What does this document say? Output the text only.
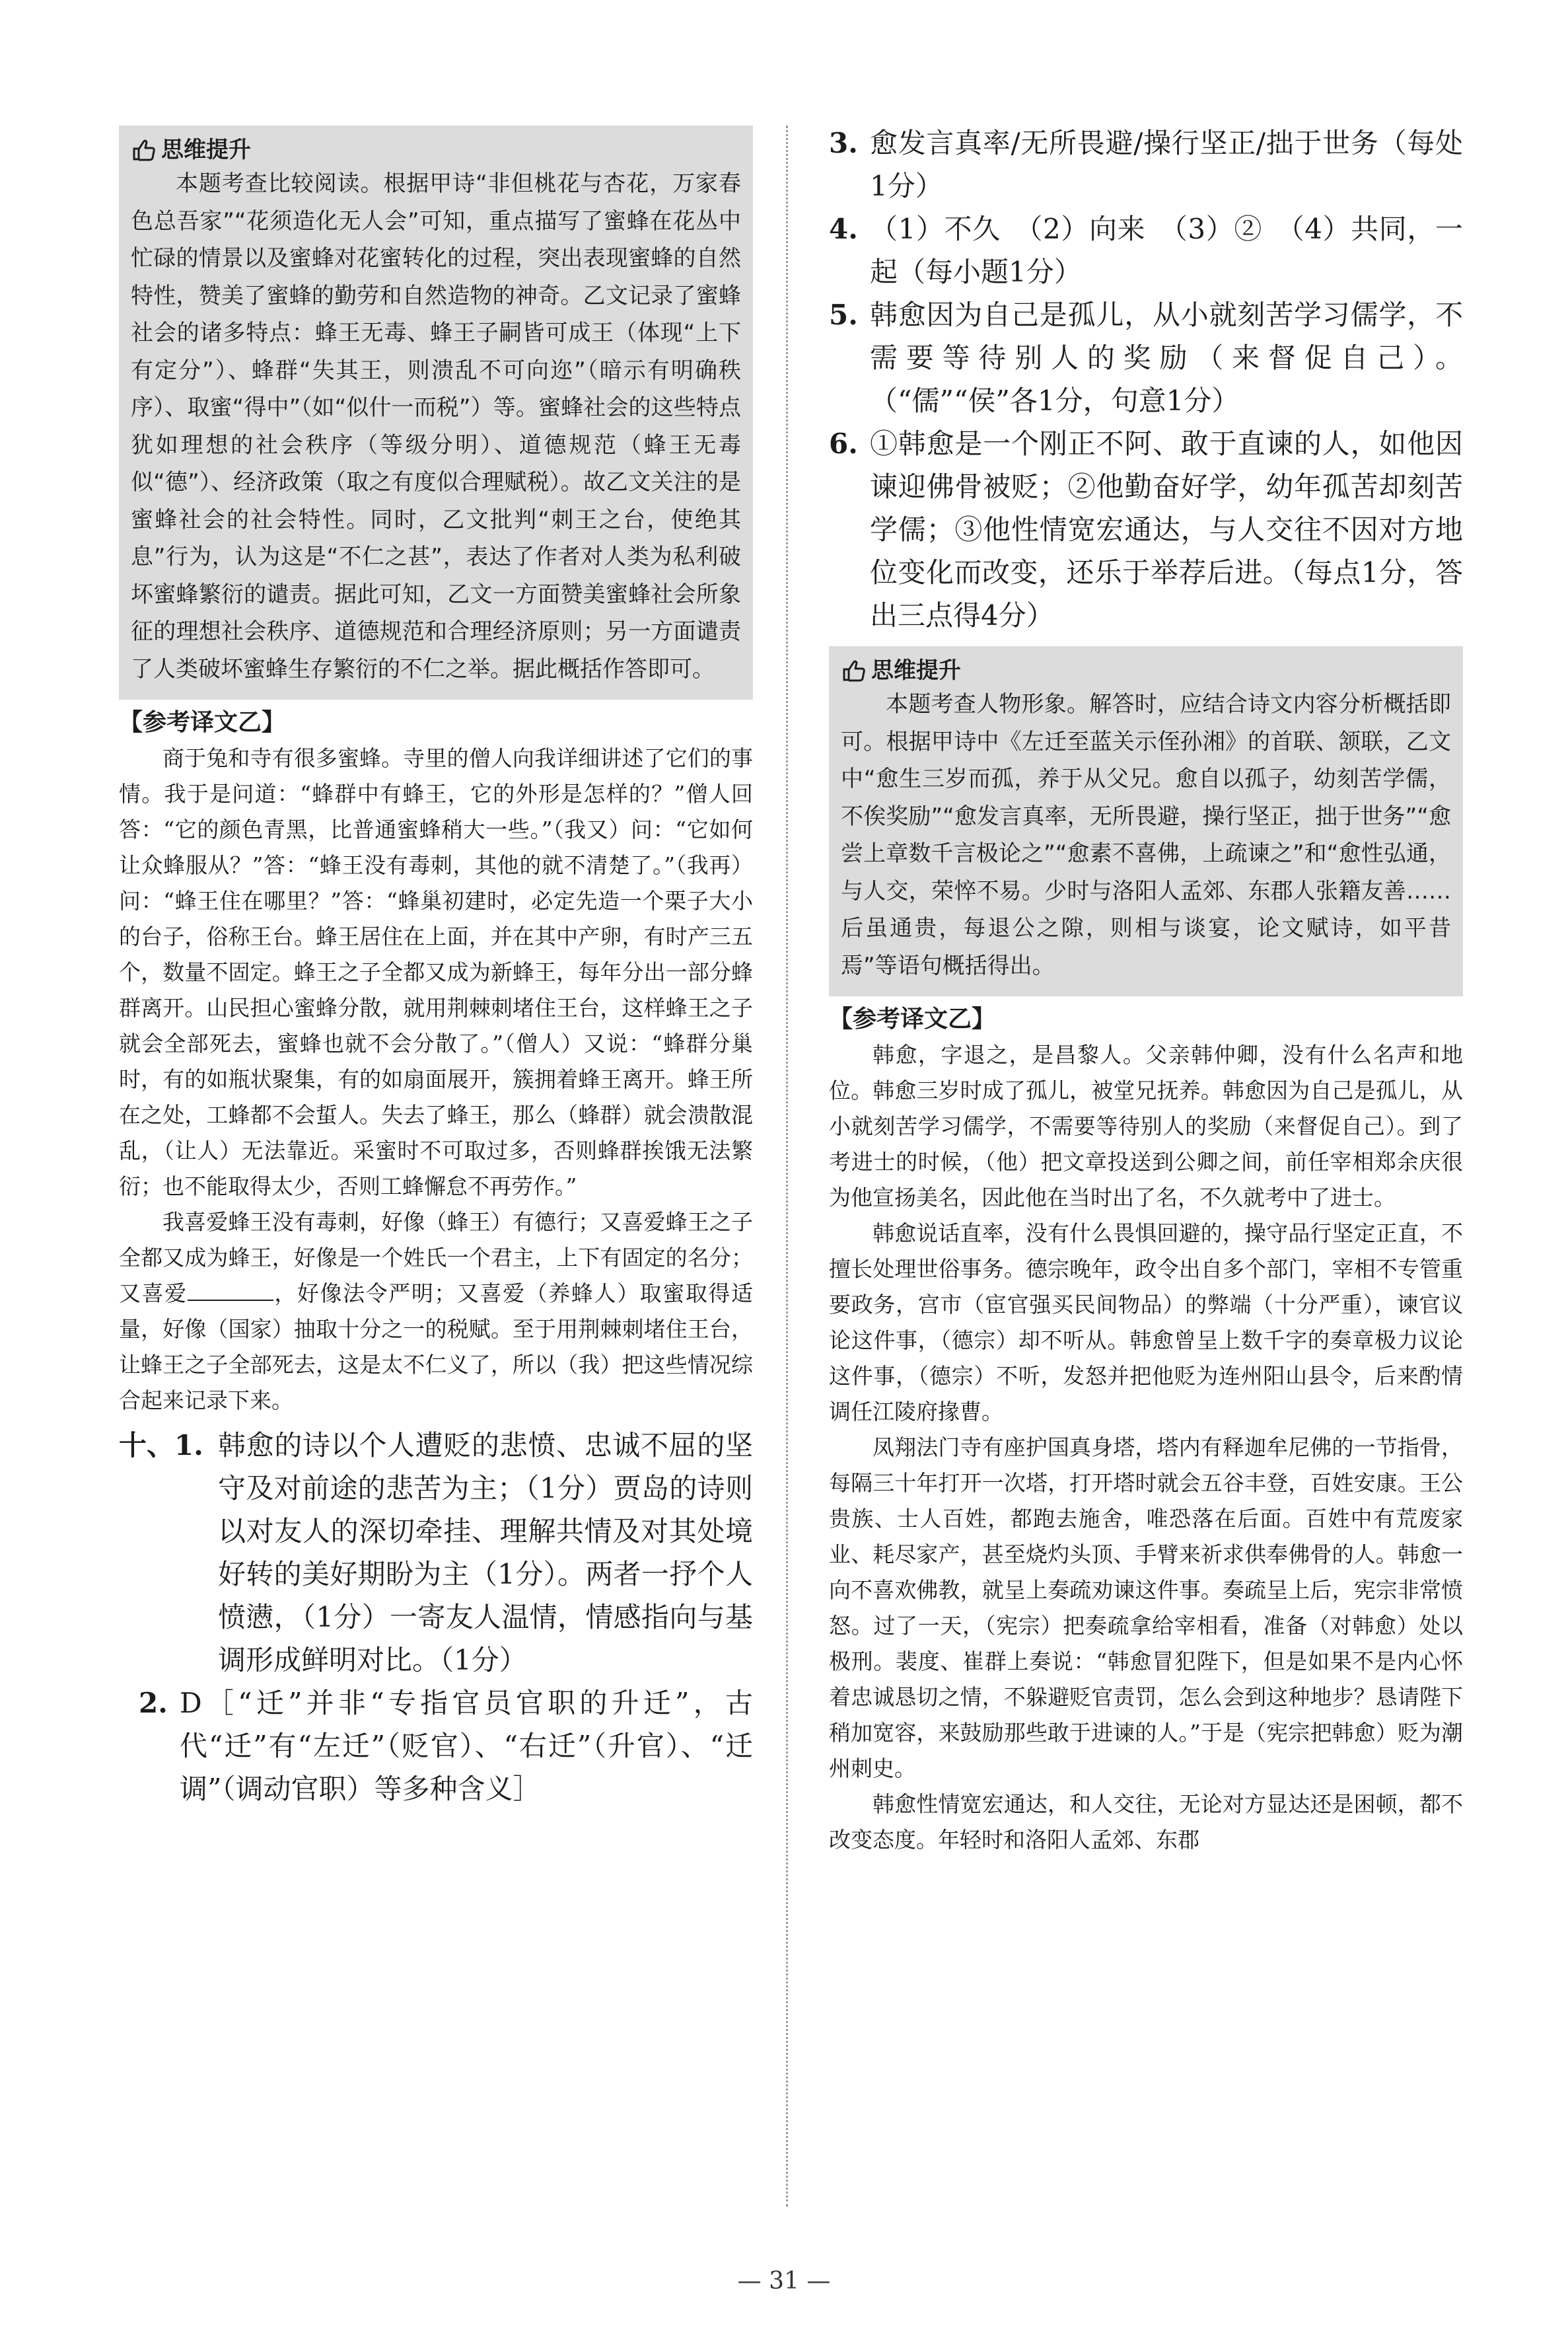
思维提升

本题考查比较阅读。根据甲诗“非但桃花与杏花，万家春色总吾家”“花须造化无人会”可知，重点描写了蜜蜂在花丛中忙碌的情景以及蜜蜂对花蜜转化的过程，突出表现蜜蜂的自然特性，赞美了蜜蜂的勤劳和自然造物的神奇。乙文记录了蜜蜂社会的诸多特点：蜂王无毒、蜂王子嗣皆可成王（体现“上下有定分”）、蜂群“失其王，则溃乱不可向迩”（暗示有明确秩序）、取蜜“得中”（如“似什一而税”）等。蜜蜂社会的这些特点犹如理想的社会秩序（等级分明）、道德规范（蜂王无毒似“德”）、经济政策（取之有度似合理赋税）。故乙文关注的是蜜蜂社会的社会特性。同时，乙文批判“刺王之台，使绝其息”行为，认为这是“不仁之甚”，表达了作者对人类为私利破坏蜜蜂繁衍的谴责。据此可知，乙文一方面赞美蜜蜂社会所象征的理想社会秩序、道德规范和合理经济原则；另一方面谴责了人类破坏蜜蜂生存繁衍的不仁之举。据此概括作答即可。

【参考译文乙】

商于兔和寺有很多蜜蜂。寺里的僧人向我详细讲述了它们的事情。我于是问道：“蜂群中有蜂王，它的外形是怎样的？”僧人回答：“它的颜色青黑，比普通蜜蜂稍大一些。”（我又）问：“它如何让众蜂服从？”答：“蜂王没有毒刺，其他的就不清楚了。”（我再）问：“蜂王住在哪里？”答：“蜂巢初建时，必定先造一个栗子大小的台子，俗称王台。蜂王居住在上面，并在其中产卵，有时产三五个，数量不固定。蜂王之子全都又成为新蜂王，每年分出一部分蜂群离开。山民担心蜜蜂分散，就用荆棘刺堵住王台，这样蜂王之子就会全部死去，蜜蜂也就不会分散了。”（僧人）又说：“蜂群分巢时，有的如瓶状聚集，有的如扇面展开，簇拥着蜂王离开。蜂王所在之处，工蜂都不会蜇人。失去了蜂王，那么（蜂群）就会溃散混乱，（让人）无法靠近。采蜜时不可取过多，否则蜂群挨饿无法繁衍；也不能取得太少，否则工蜂懈怠不再劳作。”

我喜爱蜂王没有毒刺，好像（蜂王）有德行；又喜爱蜂王之子全都又成为蜂王，好像是一个姓氏一个君主，上下有固定的名分；又喜爱	，好像法令严明；又喜爱（养蜂人）取蜜取得适量，好像（国家）抽取十分之一的税赋。至于用荆棘刺堵住王台，让蜂王之子全部死去，这是太不仁义了，所以（我）把这些情况综合起来记录下来。

十、1. 韩愈的诗以个人遭贬的悲愤、忠诚不屈的坚守及对前途的悲苦为主；（1分）贾岛的诗则以对友人的深切牵挂、理解共情及对其处境好转的美好期盼为主（1分）。两者一抒个人愤懑，（1分）一寄友人温情，情感指向与基调形成鲜明对比。（1分）
2. D［“迁”并非“专指官员官职的升迁”，古代“迁”有“左迁”（贬官）、“右迁”（升官）、“迁调”（调动官职）等多种含义］
3. 愈发言真率/无所畏避/操行坚正/拙于世务（每处1分）
4. （1）不久　（2）向来　（3）②　（4）共同，一起（每小题1分）
5. 韩愈因为自己是孤儿，从小就刻苦学习儒学，不需要等待别人的奖励（来督促自己）。（“儒”“侯”各1分，句意1分）
6. ①韩愈是一个刚正不阿、敢于直谏的人，如他因谏迎佛骨被贬；②他勤奋好学，幼年孤苦却刻苦学儒；③他性情宽宏通达，与人交往不因对方地位变化而改变，还乐于举荐后进。（每点1分，答出三点得4分）
思维提升

本题考查人物形象。解答时，应结合诗文内容分析概括即可。根据甲诗中《左迁至蓝关示侄孙湘》的首联、颔联，乙文中“愈生三岁而孤，养于从父兄。愈自以孤子，幼刻苦学儒，不俟奖励”“愈发言真率，无所畏避，操行坚正，拙于世务”“愈尝上章数千言极论之”“愈素不喜佛，上疏谏之”和“愈性弘通，与人交，荣悴不易。少时与洛阳人孟郊、东郡人张籍友善……后虽通贵，每退公之隙，则相与谈宴，论文赋诗，如平昔焉”等语句概括得出。

【参考译文乙】

韩愈，字退之，是昌黎人。父亲韩仲卿，没有什么名声和地位。韩愈三岁时成了孤儿，被堂兄抚养。韩愈因为自己是孤儿，从小就刻苦学习儒学，不需要等待别人的奖励（来督促自己）。到了考进士的时候，（他）把文章投送到公卿之间，前任宰相郑余庆很为他宣扬美名，因此他在当时出了名，不久就考中了进士。

韩愈说话直率，没有什么畏惧回避的，操守品行坚定正直，不擅长处理世俗事务。德宗晚年，政令出自多个部门，宰相不专管重要政务，宫市（宦官强买民间物品）的弊端（十分严重），谏官议论这件事，（德宗）却不听从。韩愈曾呈上数千字的奏章极力议论这件事，（德宗）不听，发怒并把他贬为连州阳山县令，后来酌情调任江陵府掾曹。

凤翔法门寺有座护国真身塔，塔内有释迦牟尼佛的一节指骨，每隔三十年打开一次塔，打开塔时就会五谷丰登，百姓安康。王公贵族、士人百姓，都跑去施舍，唯恐落在后面。百姓中有荒废家业、耗尽家产，甚至烧灼头顶、手臂来祈求供奉佛骨的人。韩愈一向不喜欢佛教，就呈上奏疏劝谏这件事。奏疏呈上后，宪宗非常愤怒。过了一天，（宪宗）把奏疏拿给宰相看，准备（对韩愈）处以极刑。裴度、崔群上奏说：“韩愈冒犯陛下，但是如果不是内心怀着忠诚恳切之情，不躲避贬官责罚，怎么会到这种地步？恳请陛下稍加宽容，来鼓励那些敢于进谏的人。”于是（宪宗把韩愈）贬为潮州刺史。

韩愈性情宽宏通达，和人交往，无论对方显达还是困顿，都不改变态度。年轻时和洛阳人孟郊、东郡

— 31 —
